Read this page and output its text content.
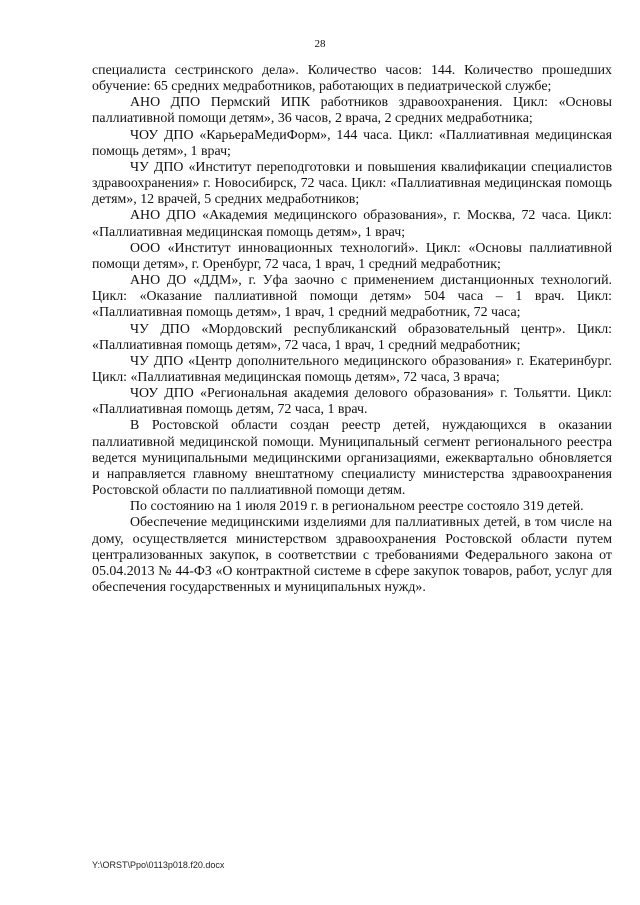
28

специалиста сестринского дела». Количество часов: 144. Количество прошедших обучение: 65 средних медработников, работающих в педиатрической службе;

АНО ДПО Пермский ИПК работников здравоохранения. Цикл: «Основы паллиативной помощи детям», 36 часов, 2 врача, 2 средних медработника;

ЧОУ ДПО «КарьераМедиФорм», 144 часа. Цикл: «Паллиативная медицинская помощь детям», 1 врач;

ЧУ ДПО «Институт переподготовки и повышения квалификации специалистов здравоохранения» г. Новосибирск, 72 часа. Цикл: «Паллиативная медицинская помощь детям», 12 врачей, 5 средних медработников;

АНО ДПО «Академия медицинского образования», г. Москва, 72 часа. Цикл: «Паллиативная медицинская помощь детям», 1 врач;

ООО «Институт инновационных технологий». Цикл: «Основы паллиативной помощи детям», г. Оренбург, 72 часа, 1 врач, 1 средний медработник;

АНО ДО «ДДМ», г. Уфа заочно с применением дистанционных технологий. Цикл: «Оказание паллиативной помощи детям» 504 часа – 1 врач. Цикл: «Паллиативная помощь детям», 1 врач, 1 средний медработник, 72 часа;

ЧУ ДПО «Мордовский республиканский образовательный центр». Цикл: «Паллиативная помощь детям», 72 часа, 1 врач, 1 средний медработник;

ЧУ ДПО «Центр дополнительного медицинского образования» г. Екатеринбург. Цикл: «Паллиативная медицинская помощь детям», 72 часа, 3 врача;

ЧОУ ДПО «Региональная академия делового образования» г. Тольятти. Цикл: «Паллиативная помощь детям, 72 часа, 1 врач.

В Ростовской области создан реестр детей, нуждающихся в оказании паллиативной медицинской помощи. Муниципальный сегмент регионального реестра ведется муниципальными медицинскими организациями, ежеквартально обновляется и направляется главному внештатному специалисту министерства здравоохранения Ростовской области по паллиативной помощи детям.

По состоянию на 1 июля 2019 г. в региональном реестре состояло 319 детей.

Обеспечение медицинскими изделиями для паллиативных детей, в том числе на дому, осуществляется министерством здравоохранения Ростовской области путем централизованных закупок, в соответствии с требованиями Федерального закона от 05.04.2013 № 44-ФЗ «О контрактной системе в сфере закупок товаров, работ, услуг для обеспечения государственных и муниципальных нужд».

Y:\ORST\Ppo\0113p018.f20.docx
